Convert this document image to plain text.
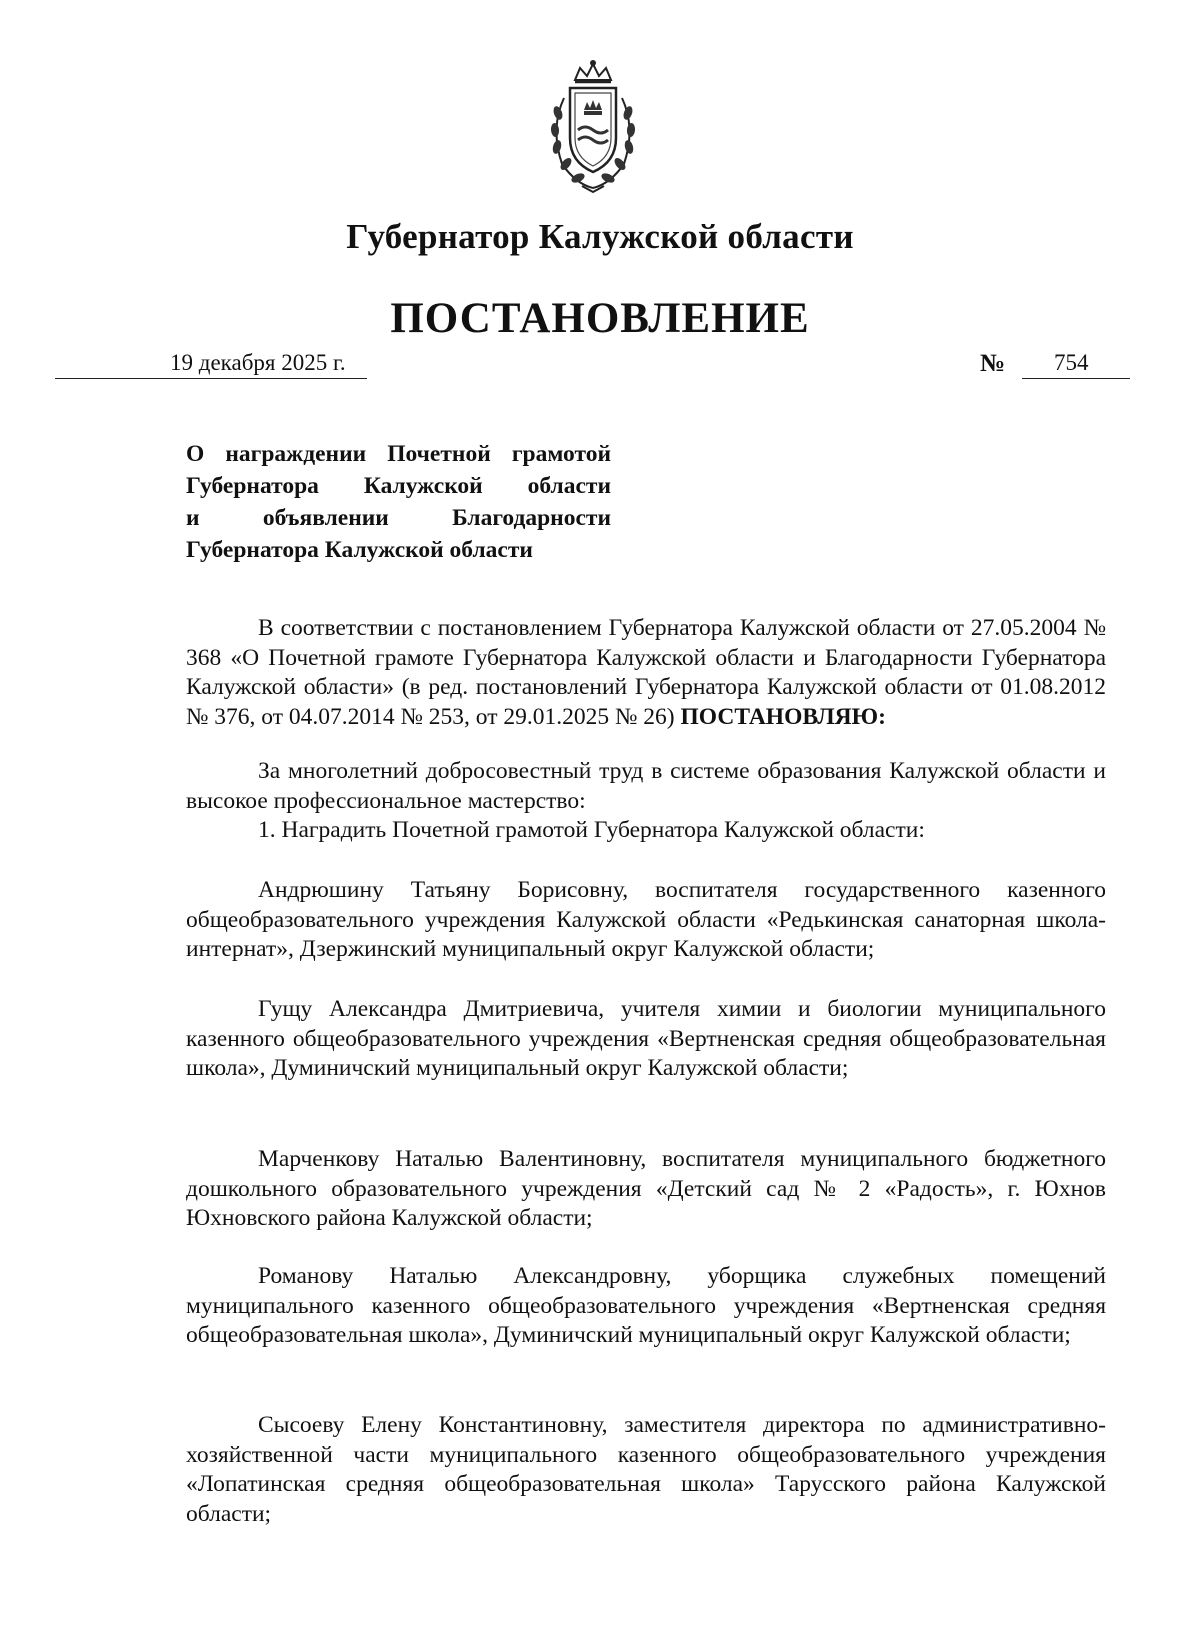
Губернатор Калужской области
ПОСТАНОВЛЕНИЕ
19 декабря 2025 г.	№ 754
О награждении Почетной грамотой
Губернатора Калужской области
и объявлении Благодарности
Губернатора Калужской области

В соответствии с постановлением Губернатора Калужской области от 27.05.2004 № 368 «О Почетной грамоте Губернатора Калужской области и Благодарности Губернатора Калужской области» (в ред. постановлений Губернатора Калужской области от 01.08.2012 № 376, от 04.07.2014 № 253, от 29.01.2025 № 26) ПОСТАНОВЛЯЮ:

За многолетний добросовестный труд в системе образования Калужской области и высокое профессиональное мастерство:

1. Наградить Почетной грамотой Губернатора Калужской области:

Андрюшину Татьяну Борисовну, воспитателя государственного казенного общеобразовательного учреждения Калужской области «Редькинская санаторная школа-интернат», Дзержинский муниципальный округ Калужской области;

Гущу Александра Дмитриевича, учителя химии и биологии муниципального казенного общеобразовательного учреждения «Вертненская средняя общеобразовательная школа», Думиничский муниципальный округ Калужской области;

Марченкову Наталью Валентиновну, воспитателя муниципального бюджетного дошкольного образовательного учреждения «Детский сад № 2 «Радость», г. Юхнов Юхновского района Калужской области;

Романову Наталью Александровну, уборщика служебных помещений муниципального казенного общеобразовательного учреждения «Вертненская средняя общеобразовательная школа», Думиничский муниципальный округ Калужской области;

Сысоеву Елену Константиновну, заместителя директора по административно-хозяйственной части муниципального казенного общеобразовательного учреждения «Лопатинская средняя общеобразовательная школа» Тарусского района Калужской области;
